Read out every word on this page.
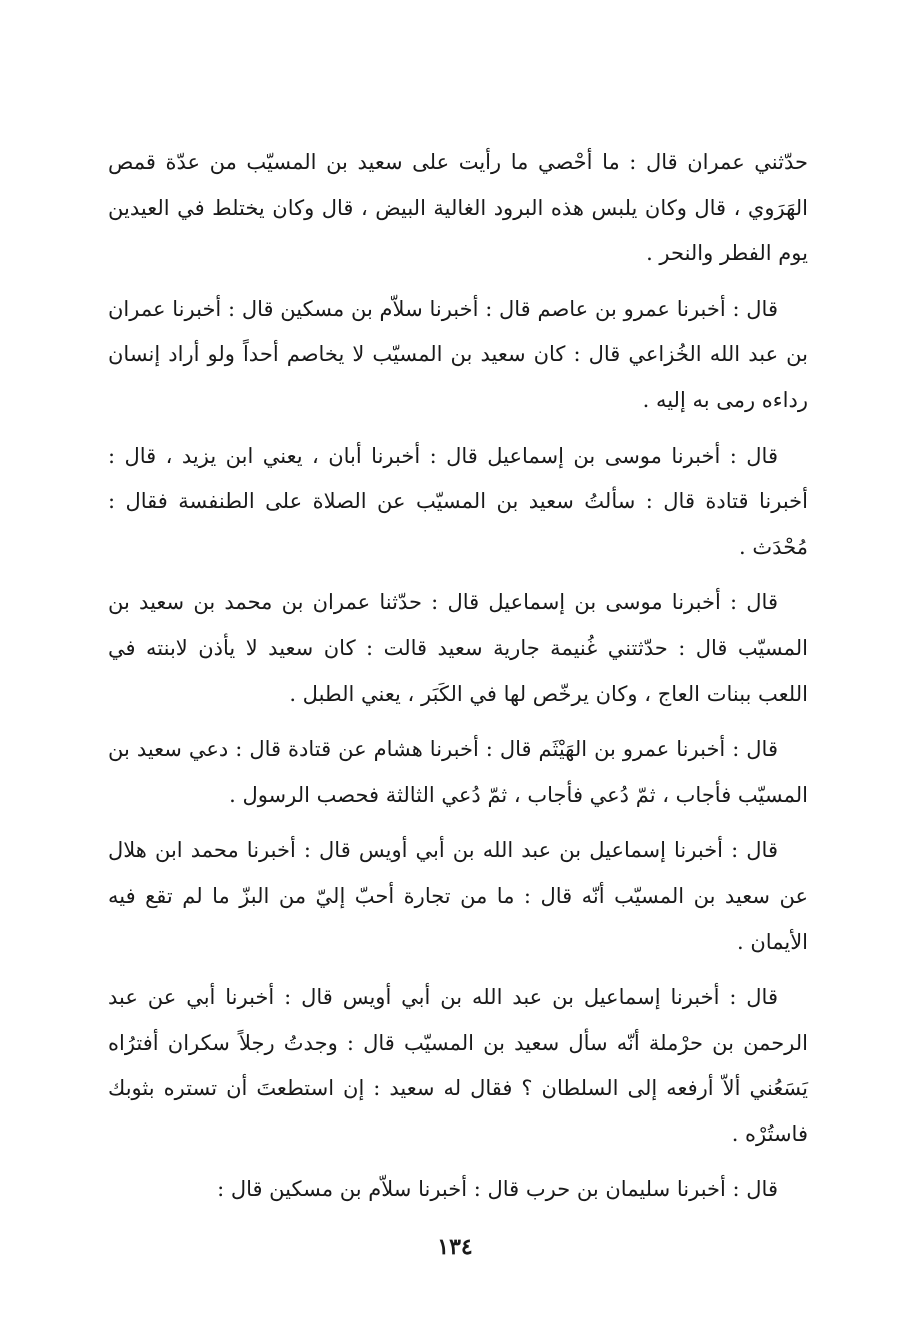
حدّثني عمران قال : ما أحْصي ما رأيت على سعيد بن المسيّب من عدّة قمص الهَرَوي ، قال وكان يلبس هذه البرود الغالية البيض ، قال وكان يختلط في العيدين يوم الفطر والنحر .

قال : أخبرنا عمرو بن عاصم قال : أخبرنا سلاّم بن مسكين قال : أخبرنا عمران بن عبد الله الخُزاعي قال : كان سعيد بن المسيّب لا يخاصم أحداً ولو أراد إنسان رداءه رمى به إليه .

قال : أخبرنا موسى بن إسماعيل قال : أخبرنا أبان ، يعني ابن يزيد ، قال : أخبرنا قتادة قال : سألتُ سعيد بن المسيّب عن الصلاة على الطنفسة فقال : مُحْدَث .

قال : أخبرنا موسى بن إسماعيل قال : حدّثنا عمران بن محمد بن سعيد بن المسيّب قال : حدّثتني غُنيمة جارية سعيد قالت : كان سعيد لا يأذن لابنته في اللعب ببنات العاج ، وكان يرخّص لها في الكَبَر ، يعني الطبل .

قال : أخبرنا عمرو بن الهَيْثَم قال : أخبرنا هشام عن قتادة قال : دعي سعيد بن المسيّب فأجاب ، ثمّ دُعي فأجاب ، ثمّ دُعي الثالثة فحصب الرسول .

قال : أخبرنا إسماعيل بن عبد الله بن أبي أويس قال : أخبرنا محمد ابن هلال عن سعيد بن المسيّب أنّه قال : ما من تجارة أحبّ إليّ من البزّ ما لم تقع فيه الأيمان .

قال : أخبرنا إسماعيل بن عبد الله بن أبي أويس قال : أخبرنا أبي عن عبد الرحمن بن حرْملة أنّه سأل سعيد بن المسيّب قال : وجدتُ رجلاً سكران أفترُاه يَسَعُني ألاّ أرفعه إلى السلطان ؟ فقال له سعيد : إن استطعتَ أن تستره بثوبك فاستُرْه .

قال : أخبرنا سليمان بن حرب قال : أخبرنا سلاّم بن مسكين قال :

١٣٤
